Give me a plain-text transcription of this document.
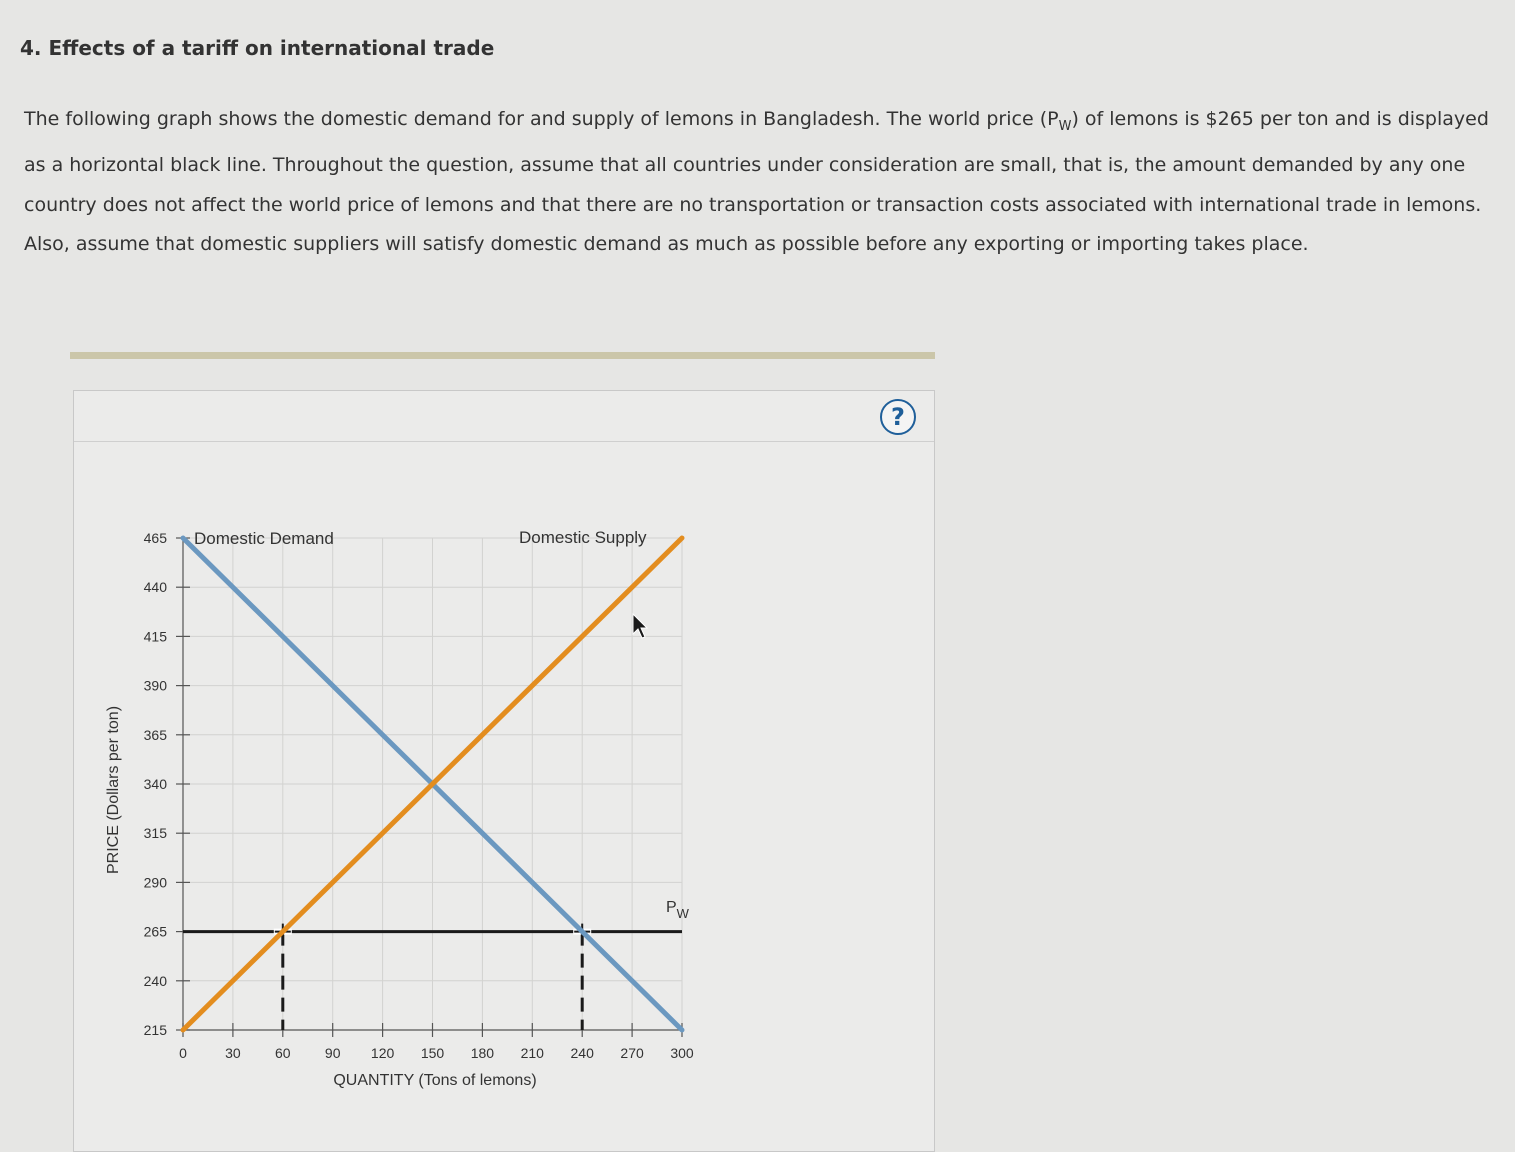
4. Effects of a tariff on international trade
The following graph shows the domestic demand for and supply of lemons in Bangladesh. The world price $(P_W)$ of lemons is $265 per ton and is displayed as a horizontal black line. Throughout the question, assume that all countries under consideration are small, that is, the amount demanded by any one country does not affect the world price of lemons and that there are no transportation or transaction costs associated with international trade in lemons. Also, assume that domestic suppliers will satisfy domestic demand as much as possible before any exporting or importing takes place.
?
215
240
265
290
315
340
365
390
415
440
465
0	30 60 90 120 150 180 210 240 270 300
PRICE (Dollars per ton)
QUANTITY (Tons of lemons)
Domestic Demand	Domestic Supply
$P_W$
